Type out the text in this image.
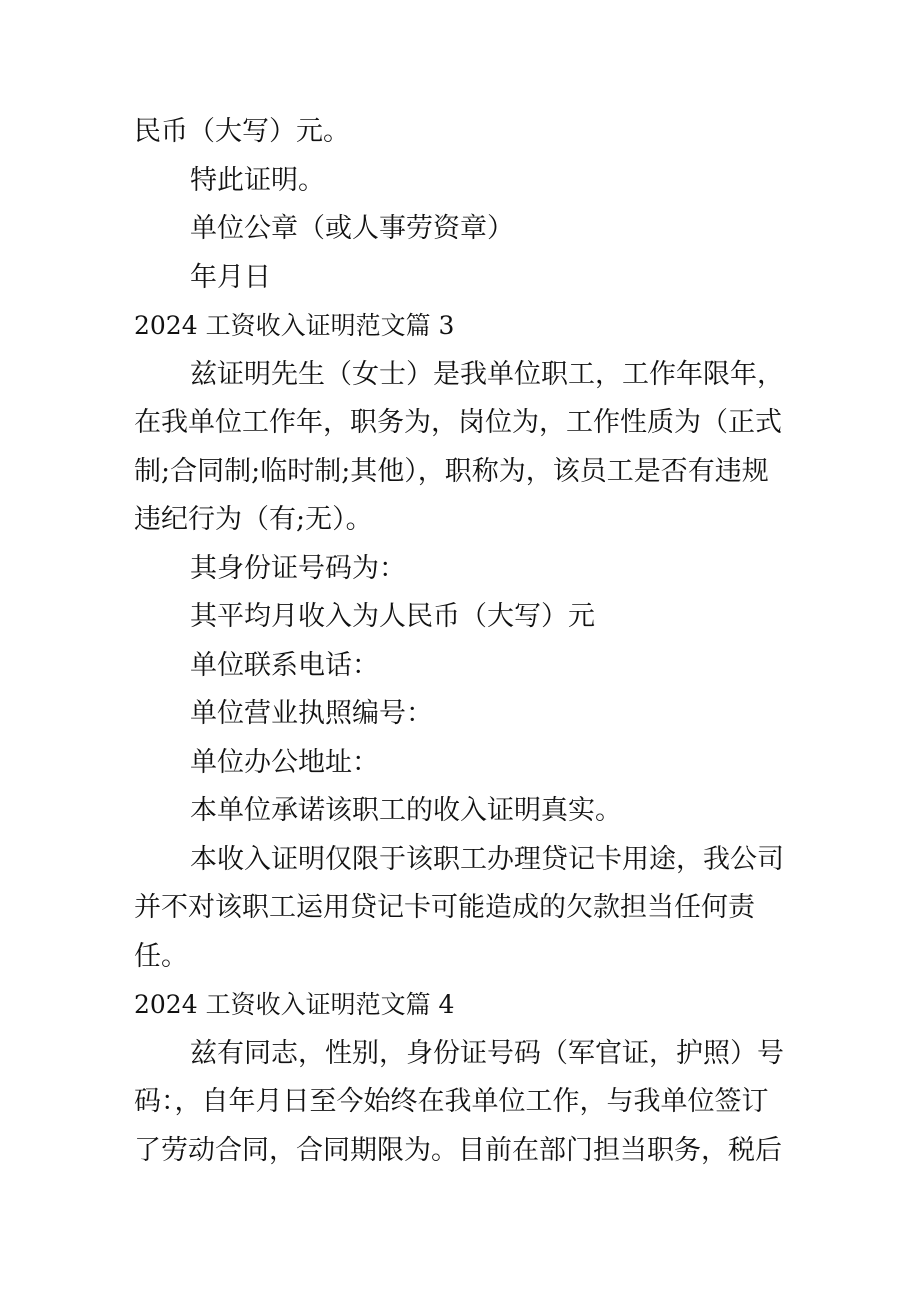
民币（大写）元。
特此证明。
单位公章（或人事劳资章）
年月日
2024 工资收入证明范文篇 3
兹证明先生（女士）是我单位职工，工作年限年，
在我单位工作年，职务为，岗位为，工作性质为（正式
制;合同制;临时制;其他），职称为，该员工是否有违规
违纪行为（有;无）。
其身份证号码为：
其平均月收入为人民币（大写）元
单位联系电话：
单位营业执照编号：
单位办公地址：
本单位承诺该职工的收入证明真实。
本收入证明仅限于该职工办理贷记卡用途，我公司
并不对该职工运用贷记卡可能造成的欠款担当任何责
任。
2024 工资收入证明范文篇 4
兹有同志，性别，身份证号码（军官证，护照）号
码：，自年月日至今始终在我单位工作，与我单位签订
了劳动合同，合同期限为。目前在部门担当职务，税后
